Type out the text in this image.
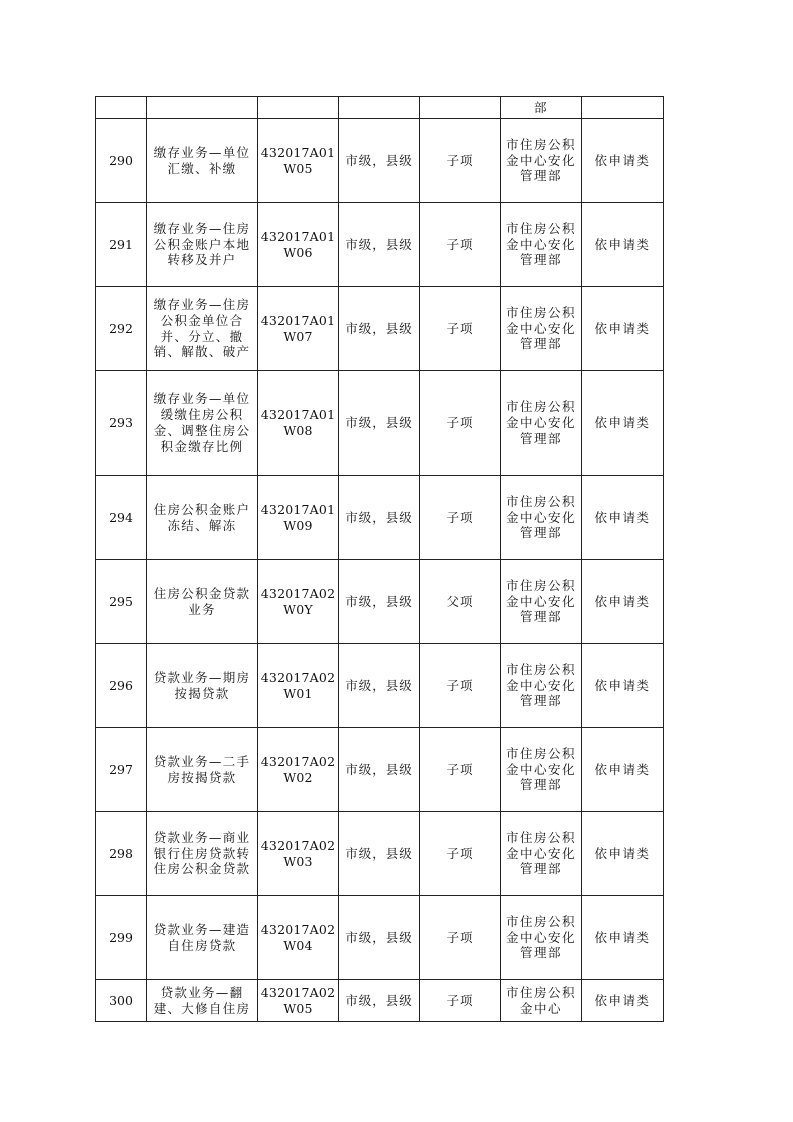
					部	
290	缴存业务—单位汇缴、补缴	432017A01W05	市级，县级	子项	市住房公积金中心安化管理部	依申请类
291	缴存业务—住房公积金账户本地转移及并户	432017A01W06	市级，县级	子项	市住房公积金中心安化管理部	依申请类
292	缴存业务—住房公积金单位合并、分立、撤销、解散、破产	432017A01W07	市级，县级	子项	市住房公积金中心安化管理部	依申请类
293	缴存业务—单位缓缴住房公积金、调整住房公积金缴存比例	432017A01W08	市级，县级	子项	市住房公积金中心安化管理部	依申请类
294	住房公积金账户冻结、解冻	432017A01W09	市级，县级	子项	市住房公积金中心安化管理部	依申请类
295	住房公积金贷款业务	432017A02W0Y	市级，县级	父项	市住房公积金中心安化管理部	依申请类
296	贷款业务—期房按揭贷款	432017A02W01	市级，县级	子项	市住房公积金中心安化管理部	依申请类
297	贷款业务—二手房按揭贷款	432017A02W02	市级，县级	子项	市住房公积金中心安化管理部	依申请类
298	贷款业务—商业银行住房贷款转住房公积金贷款	432017A02W03	市级，县级	子项	市住房公积金中心安化管理部	依申请类
299	贷款业务—建造自住房贷款	432017A02W04	市级，县级	子项	市住房公积金中心安化管理部	依申请类
300	贷款业务—翻建、大修自住房	432017A02W05	市级，县级	子项	市住房公积金中心	依申请类
